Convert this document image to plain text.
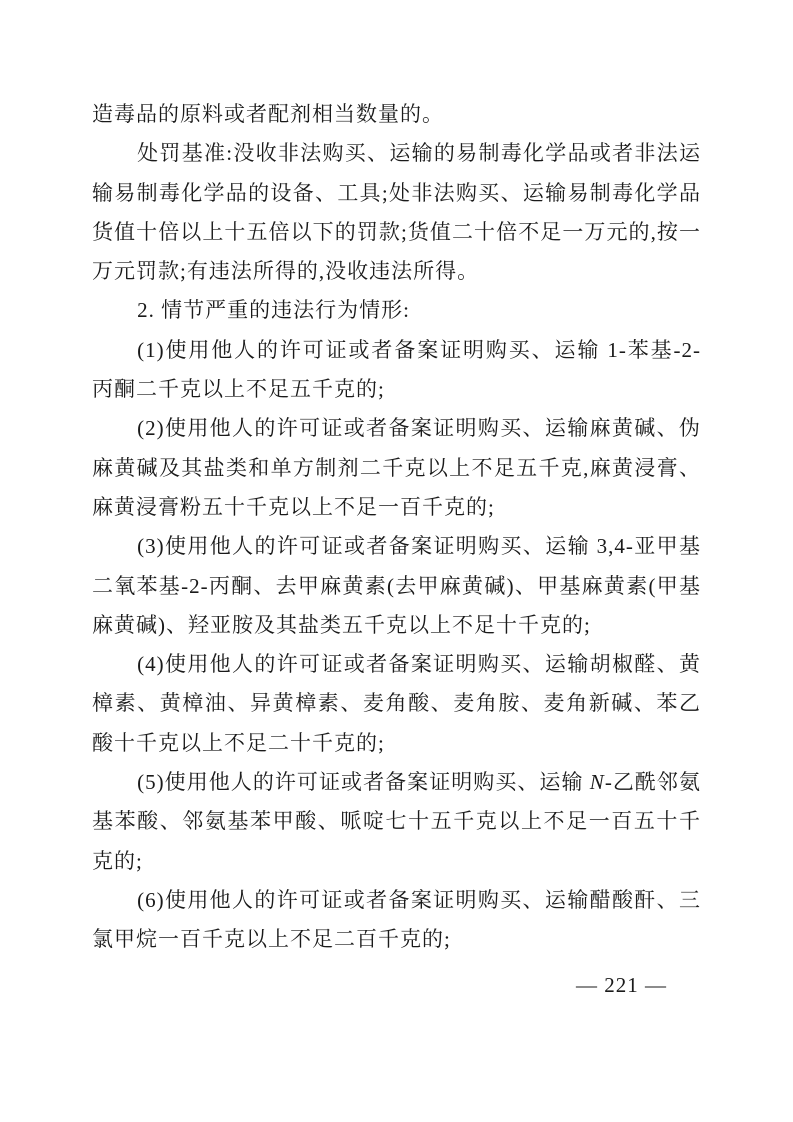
造毒品的原料或者配剂相当数量的。

处罚基准:没收非法购买、运输的易制毒化学品或者非法运输易制毒化学品的设备、工具;处非法购买、运输易制毒化学品货值十倍以上十五倍以下的罚款;货值二十倍不足一万元的,按一万元罚款;有违法所得的,没收违法所得。

2. 情节严重的违法行为情形:

(1)使用他人的许可证或者备案证明购买、运输 1-苯基-2-丙酮二千克以上不足五千克的;

(2)使用他人的许可证或者备案证明购买、运输麻黄碱、伪麻黄碱及其盐类和单方制剂二千克以上不足五千克,麻黄浸膏、麻黄浸膏粉五十千克以上不足一百千克的;

(3)使用他人的许可证或者备案证明购买、运输 3,4-亚甲基二氧苯基-2-丙酮、去甲麻黄素(去甲麻黄碱)、甲基麻黄素(甲基麻黄碱)、羟亚胺及其盐类五千克以上不足十千克的;

(4)使用他人的许可证或者备案证明购买、运输胡椒醛、黄樟素、黄樟油、异黄樟素、麦角酸、麦角胺、麦角新碱、苯乙酸十千克以上不足二十千克的;

(5)使用他人的许可证或者备案证明购买、运输 N-乙酰邻氨基苯酸、邻氨基苯甲酸、哌啶七十五千克以上不足一百五十千克的;

(6)使用他人的许可证或者备案证明购买、运输醋酸酐、三氯甲烷一百千克以上不足二百千克的;

— 221 —
